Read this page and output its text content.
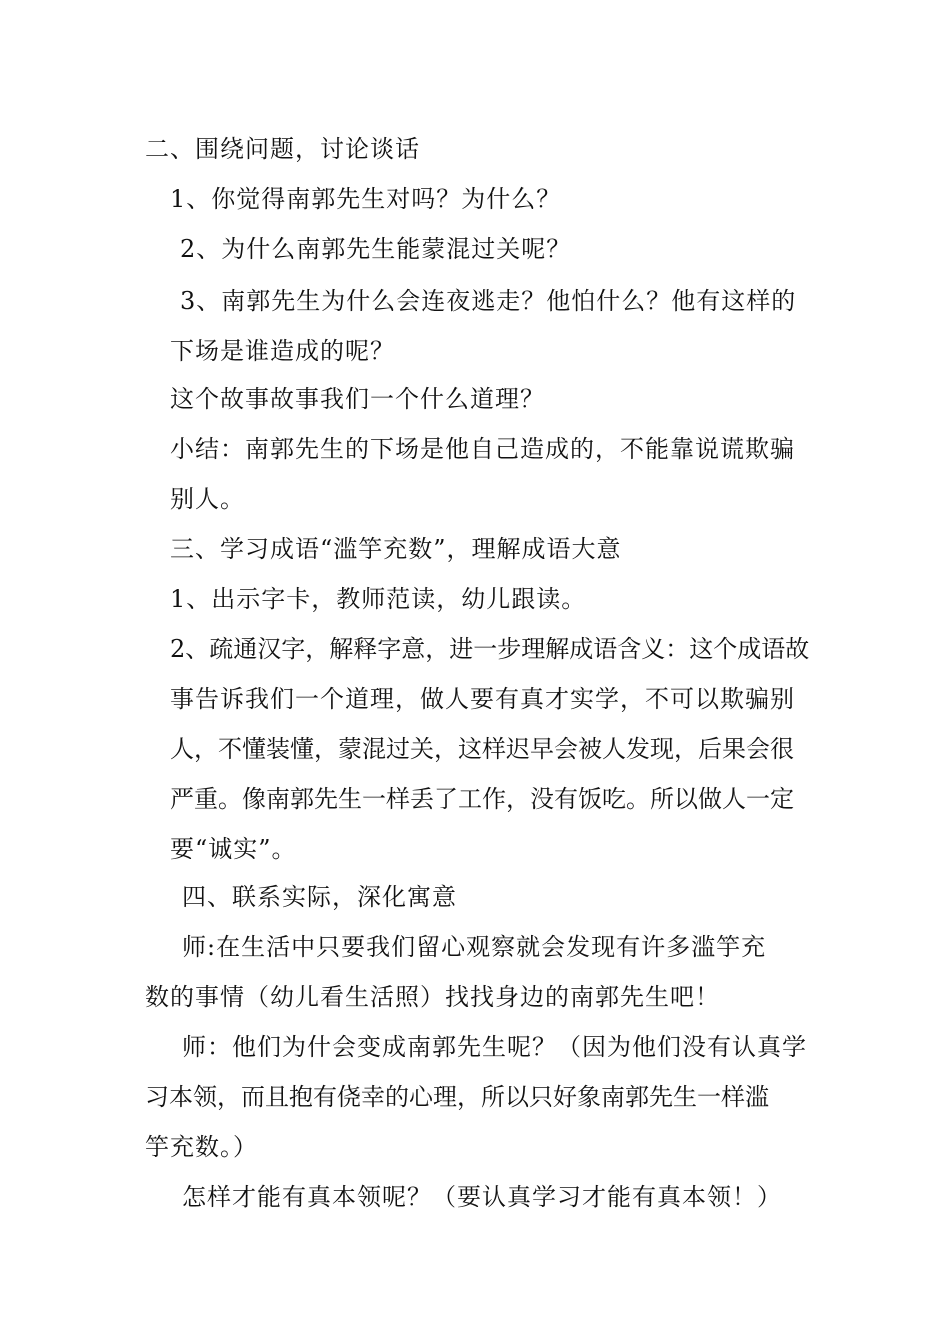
二、围绕问题，讨论谈话
1、你觉得南郭先生对吗？为什么？
2、为什么南郭先生能蒙混过关呢？
3、南郭先生为什么会连夜逃走？他怕什么？他有这样的
下场是谁造成的呢？
这个故事故事我们一个什么道理？
小结：南郭先生的下场是他自己造成的，不能靠说谎欺骗
别人。
三、学习成语“滥竽充数”，理解成语大意
1、出示字卡，教师范读，幼儿跟读。
2、疏通汉字，解释字意，进一步理解成语含义：这个成语故
事告诉我们一个道理，做人要有真才实学，不可以欺骗别
人，不懂装懂，蒙混过关，这样迟早会被人发现，后果会很
严重。像南郭先生一样丢了工作，没有饭吃。所以做人一定
要“诚实”。
四、联系实际，深化寓意
师:在生活中只要我们留心观察就会发现有许多滥竽充
数的事情（幼儿看生活照）找找身边的南郭先生吧！
师：他们为什会变成南郭先生呢？（因为他们没有认真学
习本领，而且抱有侥幸的心理，所以只好象南郭先生一样滥
竽充数。）
怎样才能有真本领呢？（要认真学习才能有真本领！）
